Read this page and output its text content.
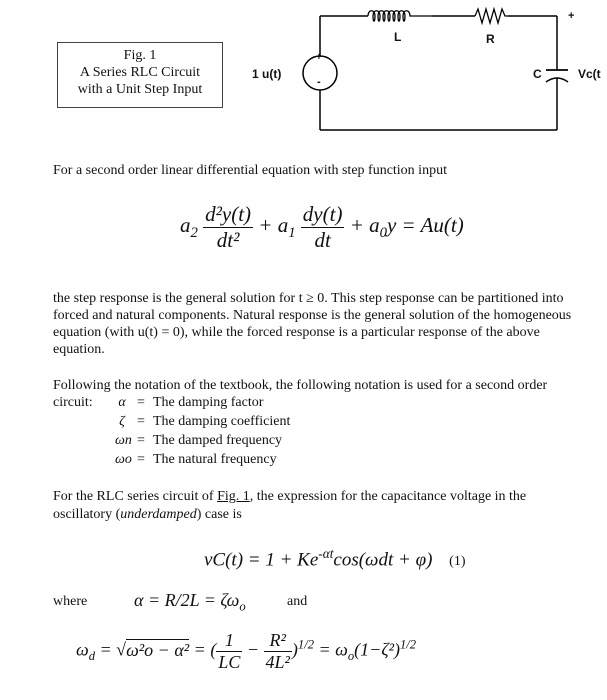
+
-
L	R
C
+
Vc(t
1 u(t)
Fig. 1
A Series RLC Circuit
with a Unit Step Input
For a second order linear differential equation with step function input
$a_2 \frac{\text{d²y(t)}}{\text{dt²}} + a_1 \frac{dy(t)}{dt} + a_0y = Au(t)$
the step response is the general solution for t ≥ 0. This step response can be partitioned into
forced and natural components. Natural response is the general solution of the homogeneous
equation (with u(t) = 0), while the forced response is a particular response of the above
equation.
Following the notation of the textbook, the following notation is used for a second order
circuit: α = The damping factor
ζ = The damping coefficient
ωn = The damped frequency
ωo = The natural frequency
For the RLC series circuit of Fig. 1, the expression for the capacitance voltage in the
oscillatory (underdamped) case is
$vC(t) = 1 + Ke^{-\alpha t}\cos(\omega dt + \varphi)$ (1)
where	$\alpha = R/2L = \zeta\omega_o$	and
$\omega_d = √\omega^2o - \alpha^2$ = ( $\frac{1}{LC} - \frac{\text{R²}}{\text{4L²}} )^{1/2} = \omega_o(1-\zeta^2)^{1/2}$
